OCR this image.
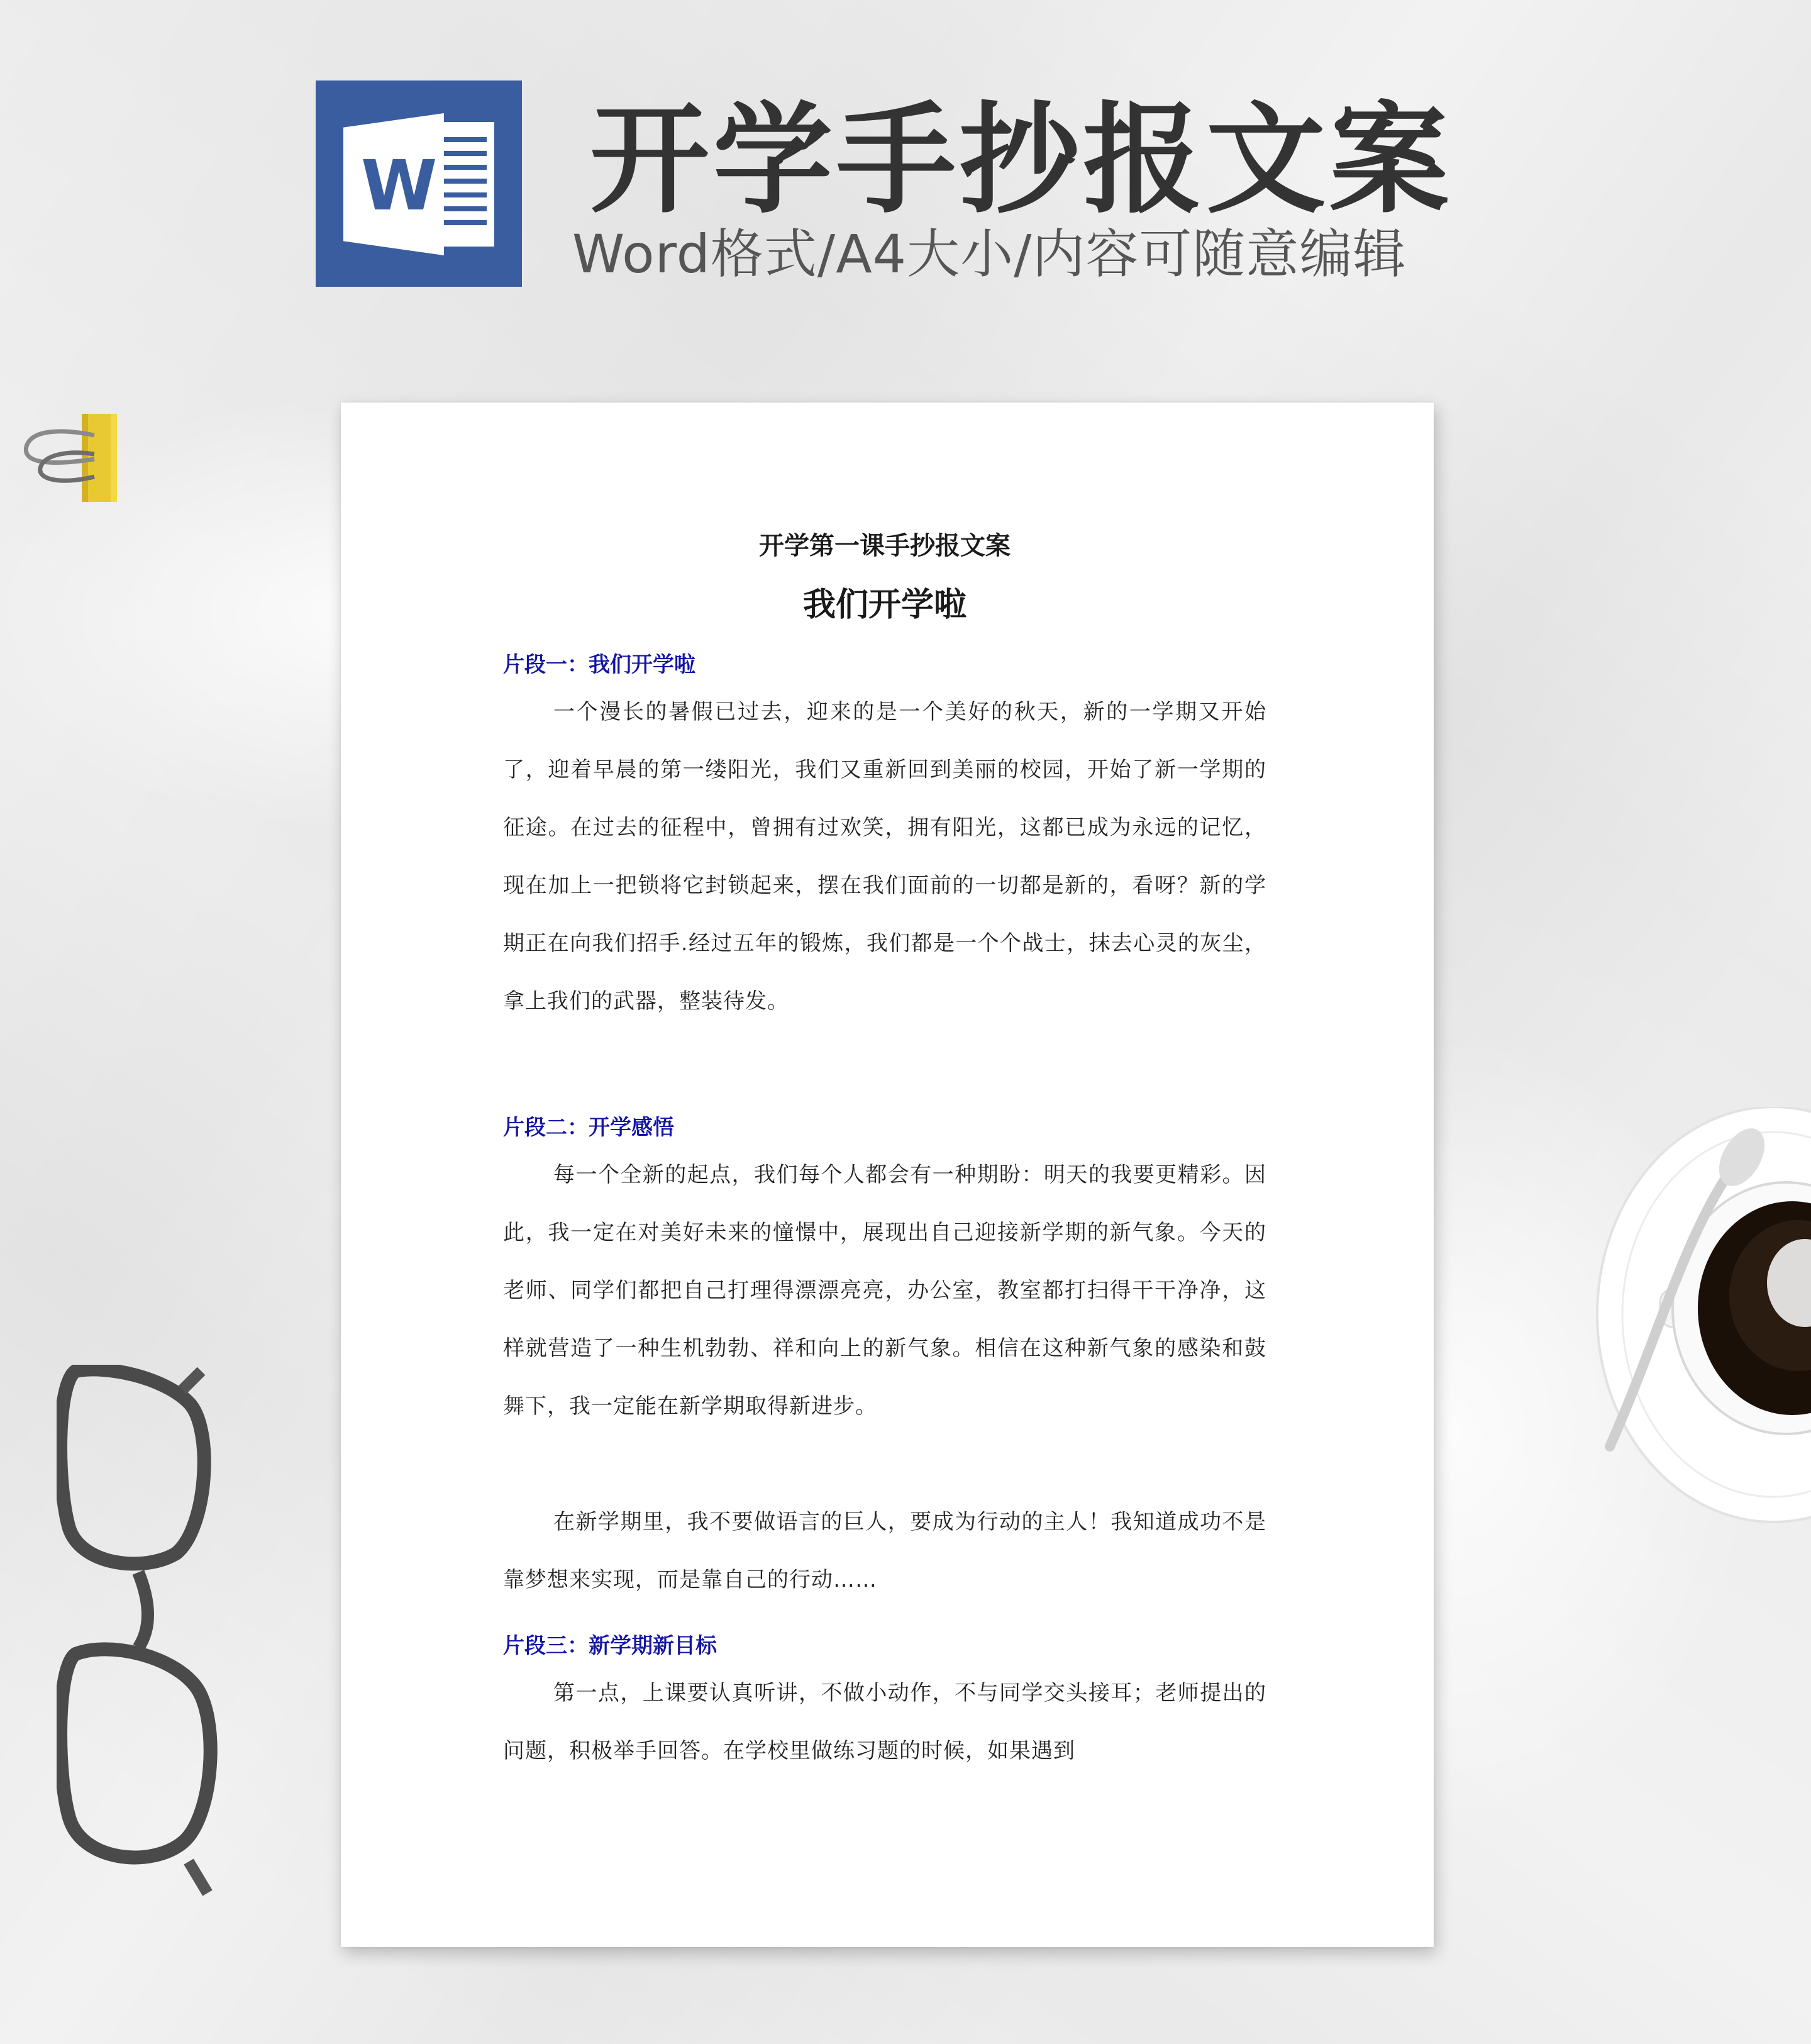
W 开学手抄报文案
Word格式/A4大小/内容可随意编辑
开学第一课手抄报文案
我们开学啦
片段一：我们开学啦

一个漫长的暑假已过去，迎来的是一个美好的秋天，新的一学期又开始了，迎着早晨的第一缕阳光，我们又重新回到美丽的校园，开始了新一学期的征途。在过去的征程中，曾拥有过欢笑，拥有阳光，这都已成为永远的记忆，现在加上一把锁将它封锁起来，摆在我们面前的一切都是新的，看呀？新的学期正在向我们招手.经过五年的锻炼，我们都是一个个战士，抹去心灵的灰尘，拿上我们的武器，整装待发。

片段二：开学感悟

每一个全新的起点，我们每个人都会有一种期盼：明天的我要更精彩。因此，我一定在对美好未来的憧憬中，展现出自己迎接新学期的新气象。今天的老师、同学们都把自己打理得漂漂亮亮，办公室，教室都打扫得干干净净，这样就营造了一种生机勃勃、祥和向上的新气象。相信在这种新气象的感染和鼓舞下，我一定能在新学期取得新进步。

在新学期里，我不要做语言的巨人，要成为行动的主人！我知道成功不是靠梦想来实现，而是靠自己的行动……

片段三：新学期新目标

第一点，上课要认真听讲，不做小动作，不与同学交头接耳；老师提出的问题，积极举手回答。在学校里做练习题的时候，如果遇到
